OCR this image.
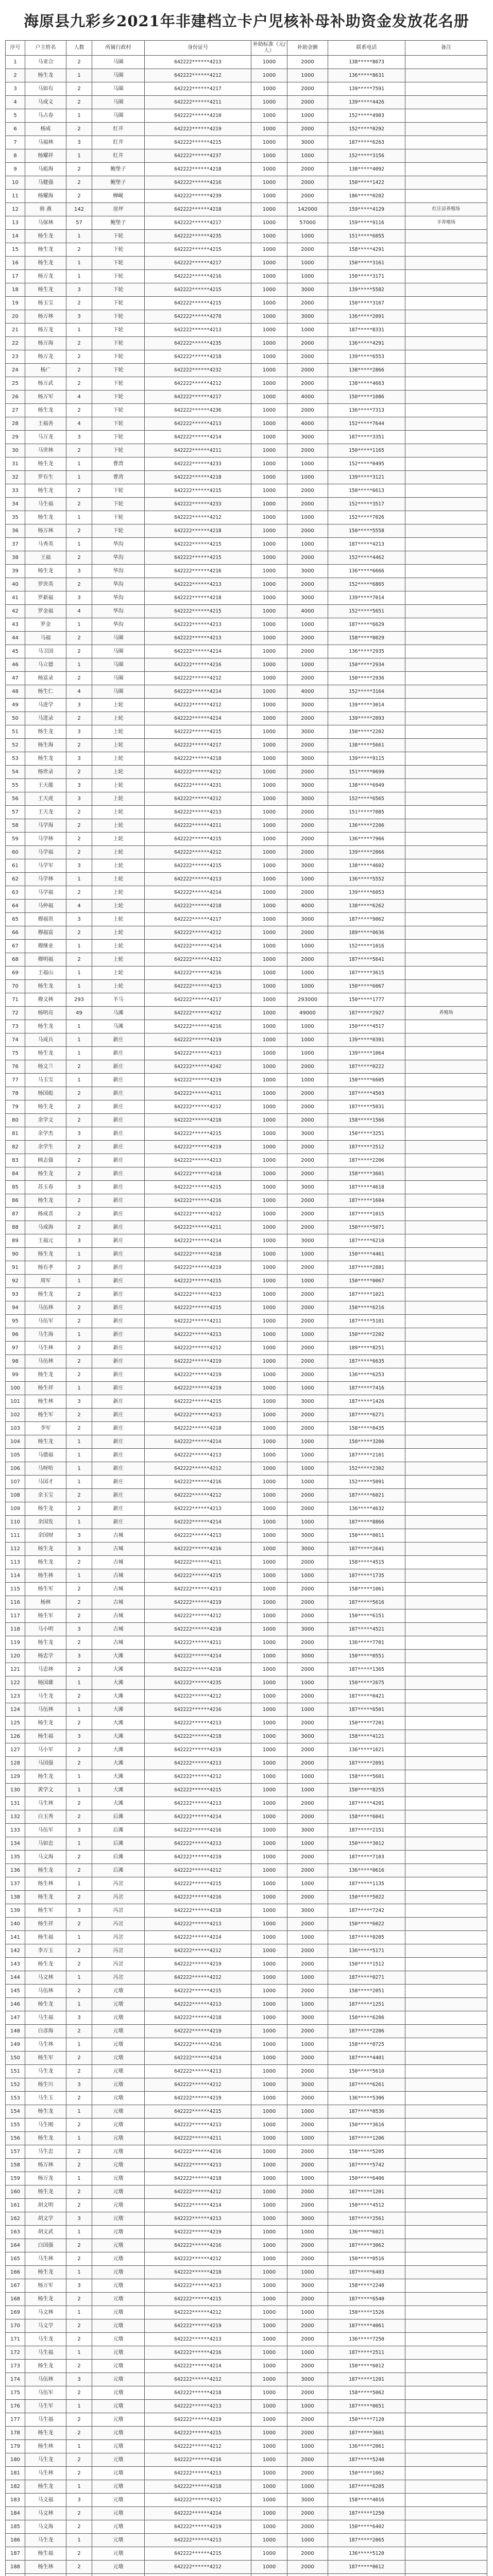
海原县九彩乡2021年非建档立卡户児核补母补助资金发放花名册
序号	户主姓名	人数	所属行政村	身份证号	补助标准（元/人）	补助金额	联系电话	备注
1	马亚合	2	马圈	642222******4213	1000	2000	138*****8673	
2	杨生龙	1	马圈	642222******4212	1000	1000	136*****8631	
3	马如有	2	马圈	642222******4217	1000	2000	139*****7591	
4	马成义	2	马圈	642222******4211	1000	2000	139*****4426	
5	马占春	1	马圈	642222******4210	1000	1000	152*****4903	
6	杨成	2	红井	642222******4219	1000	2000	152*****0292	
7	马福林	3	红井	642222******4215	1000	3000	187*****6263	
8	杨耀祥	1	红井	642222******4237	1000	1000	152*****3156	
9	马彪海	2	鲍堡子	642222******4218	1000	2000	138*****4092	
10	马健强	2	鲍堡子	642222******4216	1000	2000	150*****1422	
11	杨耀海	2	蝉岘	642222******4239	1000	2000	186*****0202	
12	韩 燕	142	崖坪	642222******4218	1000	142000	159*****4129	红庄凉养殖场
13	马保林	57	鲍堡子	642222******4217	1000	57000	159*****9116	羊养殖场
14	杨生龙	1	下轮	642222******4235	1000	1000	151*****6055	
15	杨生龙	2	下轮	642222******4215	1000	2000	158*****4291	
16	杨生龙	1	下轮	642222******4217	1000	1000	150*****3161	
17	杨万龙	1	下轮	642222******4216	1000	1000	150*****3171	
18	杨生龙	3	下轮	642222******4215	1000	3000	139*****5582	
19	杨玉宝	2	下轮	642222******4215	1000	2000	150*****3167	
20	杨万林	3	下轮	642222******4278	1000	3000	136*****2091	
21	杨万龙	1	下轮	642222******4213	1000	1000	187*****8331	
22	杨万海	2	下轮	642222******4235	1000	2000	136*****4291	
23	杨万龙	2	下轮	642222******4218	1000	2000	139*****6553	
24	杨广	2	下轮	642222******4232	1000	2000	138*****2866	
25	杨万武	2	下轮	642222******4212	1000	2000	138*****4663	
26	杨万军	4	下轮	642222******4217	1000	4000	150*****1086	
27	杨生龙	2	下轮	642222******4236	1000	2000	136*****7313	
28	王福善	4	下轮	642222******4213	1000	4000	152*****7644	
29	马万龙	3	下轮	642222******4214	1000	3000	187*****3351	
30	马世林	2	下轮	642222******4211	1000	2000	150*****1165	
31	杨生龙	1	曹湾	642222******4233	1000	1000	152*****0495	
32	罗有生	1	曹湾	642222******4218	1000	1000	139*****3121	
33	杨生龙	2	下轮	642222******4215	1000	2000	150*****6613	
34	马生福	2	下轮	642222******4233	1000	2000	152*****3517	
35	杨生龙	1	下轮	642222******4212	1000	1000	152*****7026	
36	杨万林	2	下轮	642222******4218	1000	2000	150*****5558	
37	马秀英	1	华沟	642222******4215	1000	1000	187*****4213	
38	王福	2	华沟	642222******4215	1000	2000	152*****4462	
39	杨生龙	3	华沟	642222******4216	1000	3000	136*****6666	
40	罗世英	2	华沟	642222******4213	1000	2000	152*****6865	
41	罗新福	3	华沟	642222******4218	1000	3000	139*****7014	
42	罗金福	4	华沟	642222******4215	1000	4000	152*****5651	
43	罗金	1	华沟	642222******4213	1000	1000	187*****6629	
44	马福	2	马圈	642222******4213	1000	2000	158*****0029	
45	马卫国	2	马圈	642222******4214	1000	2000	136*****2935	
46	马立德	1	马圈	642222******4216	1000	1000	150*****2934	
47	杨富录	2	马圈	642222******4212	1000	2000	150*****2936	
48	杨生仁	4	马圈	642222******4214	1000	4000	152*****3164	
49	马进学	3	上轮	642222******4212	1000	3000	139*****3014	
50	马进录	2	上轮	642222******4214	1000	2000	139*****2093	
51	杨生龙	3	上轮	642222******4215	1000	3000	150*****2202	
52	杨生海	2	上轮	642222******4217	1000	2000	138*****5661	
53	杨生龙	3	上轮	642222******4218	1000	3000	139*****9115	
54	杨世录	2	上轮	642222******4212	1000	2000	151*****0699	
55	王天龍	3	上轮	642222******4231	1000	3000	138*****6949	
56	王天虎	3	上轮	642222******4212	1000	3000	152*****6565	
57	王天龙	2	上轮	642222******4213	1000	2000	151*****7085	
58	马学海	2	上轮	642222******4211	1000	2000	136*****2206	
59	马学林	2	上轮	642222******4215	1000	2000	136*****7966	
60	马学福	2	上轮	642222******4212	1000	2000	139*****2066	
61	马学军	3	上轮	642222******4215	1000	3000	138*****4602	
62	马学林	1	上轮	642222******4213	1000	1000	136*****5552	
63	马学福	2	上轮	642222******4214	1000	2000	139*****6053	
64	马仲福	4	上轮	642222******4218	1000	4000	138*****6262	
65	穆福贵	3	上轮	642222******4217	1000	3000	187*****9062	
66	穆福富	2	上轮	642222******4212	1000	2000	189*****0636	
67	穆继业	1	上轮	642222******4214	1000	1000	152*****1016	
68	穆明福	2	上轮	642222******4212	1000	2000	187*****5641	
69	王福山	1	上轮	642222******4216	1000	1000	187*****3615	
70	杨生龙	1	上轮	642222******4213	1000	1000	150*****6067	
71	穆文林	293	羊马	642222******4217	1000	293000	150*****1777	
72	杨明亮	49	马滩	642222******4212	1000	49000	187*****2927	养殖场
73	杨生龙	1	马滩	642222******4216	1000	1000	150*****4517	
74	马成兵	1	新庄	642222******4219	1000	1000	139*****0391	
75	杨生龙	1	新庄	642222******4213	1000	1000	139*****1064	
76	杨文兰	2	新庄	642222******4242	1000	2000	187*****0222	
77	马玉宝	1	新庄	642222******4219	1000	1000	150*****6605	
78	杨国彪	2	新庄	642222******4211	1000	2000	187*****4503	
79	杨生龙	2	新庄	642222******4212	1000	2000	187*****5031	
80	余学文	2	新庄	642222******4218	1000	2000	158*****1566	
81	余学杰	3	新庄	642222******4215	1000	3000	150*****3251	
82	余学生	2	新庄	642222******4219	1000	2000	187*****2512	
83	顾志强	2	新庄	642222******4213	1000	2000	187*****2206	
84	杨生龙	2	新庄	642222******4218	1000	2000	158*****3601	
85	苏玉春	3	新庄	642222******4215	1000	3000	187*****4618	
86	杨生龙	2	新庄	642222******4216	1000	2000	187*****1604	
87	杨成喜	2	新庄	642222******4212	1000	2000	187*****1015	
88	马成海	2	新庄	642222******4211	1000	2000	150*****5071	
89	王福元	3	新庄	642222******4214	1000	3000	187*****6210	
90	杨生龙	1	新庄	642222******4218	1000	1000	150*****4461	
91	杨有孝	2	新庄	642222******4219	1000	2000	187*****2881	
92	周军	1	新庄	642222******4215	1000	1000	150*****0067	
93	杨生龙	2	新庄	642222******4213	1000	2000	187*****1021	
94	马伍林	2	新庄	642222******4215	1000	2000	150*****6216	
95	马伍军	2	新庄	642222******4211	1000	2000	187*****5101	
96	马生海	1	新庄	642222******4213	1000	1000	150*****2202	
97	马生林	2	新庄	642222******4212	1000	2000	189*****8251	
98	马伍林	2	新庄	642222******4219	1000	2000	187*****6635	
99	杨生龙	2	新庄	642222******4219	1000	2000	136*****6253	
100	杨生祥	1	新庄	642222******4219	1000	1000	187*****7416	
101	杨生林	3	新庄	642222******4215	1000	3000	187*****1426	
102	杨生军	2	新庄	642222******4213	1000	2000	187*****6271	
103	李军	2	新庄	642222******4218	1000	2000	158*****0435	
104	杨生龙	1	新庄	642222******4214	1000	1000	150*****3206	
105	马德福	1	新庄	642222******4213	1000	1000	187*****2101	
106	马呀哈	1	新庄	642222******4212	1000	1000	152*****2302	
107	马国才	1	新庄	642222******4216	1000	1000	152*****5091	
108	余玉宝	2	新庄	642222******4212	1000	2000	187*****6021	
109	杨生龙	2	新庄	642222******4213	1000	2000	136*****4632	
110	余国发	1	新庄	642222******4214	1000	1000	187*****8866	
111	余国财	3	古城	642222******4213	1000	3000	150*****0011	
112	杨生龙	3	古城	642222******4216	1000	3000	187*****2641	
113	杨生龙	2	古城	642222******4211	1000	2000	158*****4515	
114	杨生林	1	古城	642222******4215	1000	1000	187*****1735	
115	杨生军	2	古城	642222******4213	1000	2000	158*****1061	
116	杨林	2	古城	642222******4219	1000	2000	187*****5616	
117	杨生军	2	古城	642222******4212	1000	2000	150*****6151	
118	马小明	3	古城	642222******4218	1000	3000	187*****4521	
119	杨生龙	2	古城	642222******4211	1000	2000	136*****7701	
120	杨忠学	3	大滩	642222******4214	1000	3000	150*****0551	
121	马忠林	2	大滩	642222******4218	1000	2000	187*****1365	
122	杨国雄	1	大滩	642222******4235	1000	1000	150*****2675	
123	马生龙	2	大滩	642222******4212	1000	2000	187*****0421	
124	马伍林	1	大滩	642222******4216	1000	1000	187*****6501	
125	杨生龙	2	大滩	642222******4213	1000	2000	150*****7201	
126	杨生福	3	大滩	642222******4218	1000	3000	158*****4121	
127	马小军	2	大滩	642222******4219	1000	2000	136*****1621	
128	马国强	2	大滩	642222******4213	1000	2000	187*****2091	
129	杨生龙	1	大滩	642222******4212	1000	1000	158*****5601	
130	黄学文	1	大滩	642222******4215	1000	1000	150*****8255	
131	马生林	2	大滩	642222******4213	1000	2000	187*****4201	
132	白玉秀	2	后滩	642222******4214	1000	2000	158*****6041	
133	马伍军	3	后滩	642222******4216	1000	3000	187*****2151	
134	马如忠	1	后滩	642222******4213	1000	1000	150*****3012	
135	马文海	2	后滩	642222******4219	1000	2000	187*****7103	
136	杨生龙	2	后滩	642222******4212	1000	2000	136*****0616	
137	杨生林	1	冯岔	642222******4215	1000	1000	187*****1135	
138	杨生龙	2	冯岔	642222******4216	1000	2000	150*****5022	
139	杨生军	3	冯岔	642222******4218	1000	3000	187*****7242	
140	杨生祥	2	冯岔	642222******4213	1000	2000	150*****6022	
141	杨生福	1	冯岔	642222******4214	1000	1000	187*****0205	
142	李万玉	2	冯岔	642222******4212	1000	2000	136*****5171	
143	杨生龙	2	冯岔	642222******4219	1000	2000	150*****1512	
144	马文林	1	冯岔	642222******4212	1000	1000	187*****0271	
145	马伍林	2	元墩	642222******4215	1000	2000	158*****2051	
146	杨生龙	1	元墩	642222******4213	1000	1000	187*****1251	
147	马生福	3	元墩	642222******4218	1000	3000	150*****6206	
148	白彦海	2	元墩	642222******4219	1000	2000	187*****2206	
149	马生林	1	元墩	642222******4216	1000	1000	158*****0725	
150	杨生军	2	元墩	642222******4214	1000	2000	187*****4401	
151	马生龙	2	元墩	642222******4213	1000	2000	150*****5610	
152	杨生川	3	元墩	642222******4212	1000	3000	187*****6261	
153	马生玉	2	元墩	642222******4219	1000	2000	136*****5306	
154	杨生龙	1	元墩	642222******4215	1000	1000	187*****0536	
155	马生刚	2	元墩	642222******4213	1000	2000	150*****3616	
156	杨生龙	1	元墩	642222******4211	1000	1000	187*****1206	
157	马生忠	2	元墩	642222******4216	1000	2000	158*****5205	
158	杨万林	2	元墩	642222******4213	1000	2000	187*****5742	
159	杨万龙	1	元墩	642222******4218	1000	1000	150*****6406	
160	杨生龙	2	元墩	642222******4212	1000	2000	187*****1201	
161	胡文明	2	元墩	642222******4214	1000	2000	150*****4512	
162	胡文学	3	元墩	642222******4213	1000	3000	187*****2561	
163	胡文武	1	元墩	642222******4219	1000	1000	136*****6021	
164	白国强	2	元墩	642222******4216	1000	2000	187*****3062	
165	马生林	2	元墩	642222******4212	1000	2000	150*****0516	
166	杨生龙	1	元墩	642222******4218	1000	1000	187*****6403	
167	杨万军	3	元墩	642222******4213	1000	3000	158*****2240	
168	杨生龙	2	元墩	642222******4215	1000	2000	187*****6540	
169	马文林	1	元墩	642222******4212	1000	1000	150*****1526	
170	马文学	2	元墩	642222******4219	1000	2000	187*****4061	
171	马生龙	2	元墩	642222******4213	1000	2000	136*****7250	
172	马生福	1	元墩	642222******4216	1000	1000	187*****2511	
173	杨生龙	2	元墩	642222******4214	1000	2000	150*****6012	
174	马伍林	3	元墩	642222******4212	1000	3000	187*****1201	
175	马伍军	2	元墩	642222******4218	1000	2000	158*****5062	
176	马生军	1	元墩	642222******4213	1000	1000	187*****0651	
177	马生福	2	元墩	642222******4219	1000	2000	150*****7120	
178	杨生龙	2	元墩	642222******4215	1000	2000	187*****3601	
179	杨生林	1	元墩	642222******4212	1000	1000	136*****2061	
180	马生龙	2	元墩	642222******4216	1000	2000	187*****5240	
181	马生林	2	元墩	642222******4213	1000	2000	150*****1062	
182	杨生龙	1	元墩	642222******4218	1000	1000	187*****6205	
183	马文福	3	元墩	642222******4212	1000	3000	158*****4016	
184	马文林	2	元墩	642222******4214	1000	2000	187*****1250	
185	马文海	2	元墩	642222******4219	1000	2000	150*****6402	
186	马生龙	1	元墩	642222******4213	1000	1000	187*****2065	
187	杨生福	2	元墩	642222******4215	1000	2000	136*****5120	
188	杨生林	2	元墩	642222******4212	1000	2000	187*****0612	
